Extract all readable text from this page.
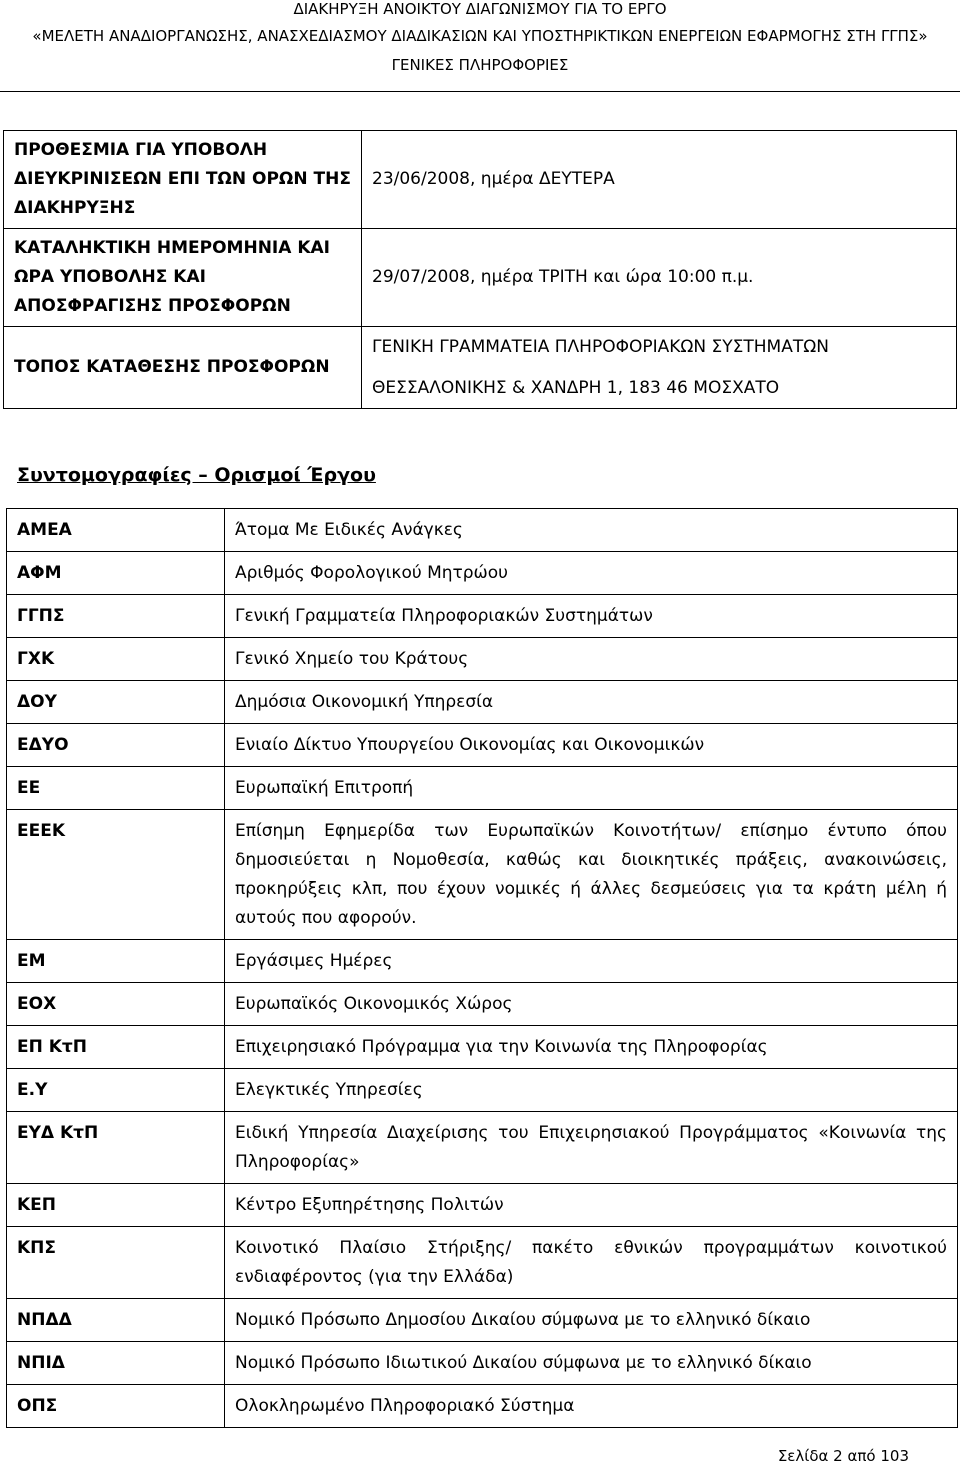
ΔΙΑΚΗΡΥΞΗ ΑΝΟΙΚΤΟΥ ΔΙΑΓΩΝΙΣΜΟΥ ΓΙΑ ΤΟ ΕΡΓΟ
«ΜΕΛΕΤΗ ΑΝΑΔΙΟΡΓΑΝΩΣΗΣ, ΑΝΑΣΧΕΔΙΑΣΜΟΥ ΔΙΑΔΙΚΑΣΙΩΝ ΚΑΙ ΥΠΟΣΤΗΡΙΚΤΙΚΩΝ ΕΝΕΡΓΕΙΩΝ ΕΦΑΡΜΟΓΗΣ ΣΤΗ ΓΓΠΣ»
ΓΕΝΙΚΕΣ ΠΛΗΡΟΦΟΡΙΕΣ
ΠΡΟΘΕΣΜΙΑ ΓΙΑ ΥΠΟΒΟΛΗ ΔΙΕΥΚΡΙΝΙΣΕΩΝ ΕΠΙ ΤΩΝ ΟΡΩΝ ΤΗΣ ΔΙΑΚΗΡΥΞΗΣ	23/06/2008, ημέρα ΔΕΥΤΕΡΑ
ΚΑΤΑΛΗΚΤΙΚΗ ΗΜΕΡΟΜΗΝΙΑ ΚΑΙ ΩΡΑ ΥΠΟΒΟΛΗΣ ΚΑΙ ΑΠΟΣΦΡΑΓΙΣΗΣ ΠΡΟΣΦΟΡΩΝ	29/07/2008, ημέρα ΤΡΙΤΗ και ώρα 10:00 π.μ.
ΤΟΠΟΣ ΚΑΤΑΘΕΣΗΣ ΠΡΟΣΦΟΡΩΝ	ΓΕΝΙΚΗ ΓΡΑΜΜΑΤΕΙΑ ΠΛΗΡΟΦΟΡΙΑΚΩΝ ΣΥΣΤΗΜΑΤΩΝ
ΘΕΣΣΑΛΟΝΙΚΗΣ & ΧΑΝΔΡΗ 1, 183 46 ΜΟΣΧΑΤΟ
Συντομογραφίες – Ορισμοί Έργου
ΑΜΕΑ	Άτομα Με Ειδικές Ανάγκες
ΑΦΜ	Αριθμός Φορολογικού Μητρώου
ΓΓΠΣ	Γενική Γραμματεία Πληροφοριακών Συστημάτων
ΓΧΚ	Γενικό Χημείο του Κράτους
ΔΟΥ	Δημόσια Οικονομική Υπηρεσία
ΕΔΥΟ	Ενιαίο Δίκτυο Υπουργείου Οικονομίας και Οικονομικών
ΕΕ	Ευρωπαϊκή Επιτροπή
ΕΕΕΚ	Επίσημη Εφημερίδα των Ευρωπαϊκών Κοινοτήτων/ επίσημο έντυπο όπου δημοσιεύεται η Νομοθεσία, καθώς και διοικητικές πράξεις, ανακοινώσεις, προκηρύξεις κλπ, που έχουν νομικές ή άλλες δεσμεύσεις για τα κράτη μέλη ή αυτούς που αφορούν.
ΕΜ	Εργάσιμες Ημέρες
ΕΟΧ	Ευρωπαϊκός Οικονομικός Χώρος
ΕΠ ΚτΠ	Επιχειρησιακό Πρόγραμμα για την Κοινωνία της Πληροφορίας
Ε.Υ	Ελεγκτικές Υπηρεσίες
ΕΥΔ ΚτΠ	Ειδική Υπηρεσία Διαχείρισης του Επιχειρησιακού Προγράμματος «Κοινωνία της Πληροφορίας»
ΚΕΠ	Κέντρο Εξυπηρέτησης Πολιτών
ΚΠΣ	Κοινοτικό Πλαίσιο Στήριξης/ πακέτο εθνικών προγραμμάτων κοινοτικού ενδιαφέροντος (για την Ελλάδα)
ΝΠΔΔ	Νομικό Πρόσωπο Δημοσίου Δικαίου σύμφωνα με το ελληνικό δίκαιο
ΝΠΙΔ	Νομικό Πρόσωπο Ιδιωτικού Δικαίου σύμφωνα με το ελληνικό δίκαιο
ΟΠΣ	Ολοκληρωμένο Πληροφοριακό Σύστημα
Σελίδα 2 από 103
